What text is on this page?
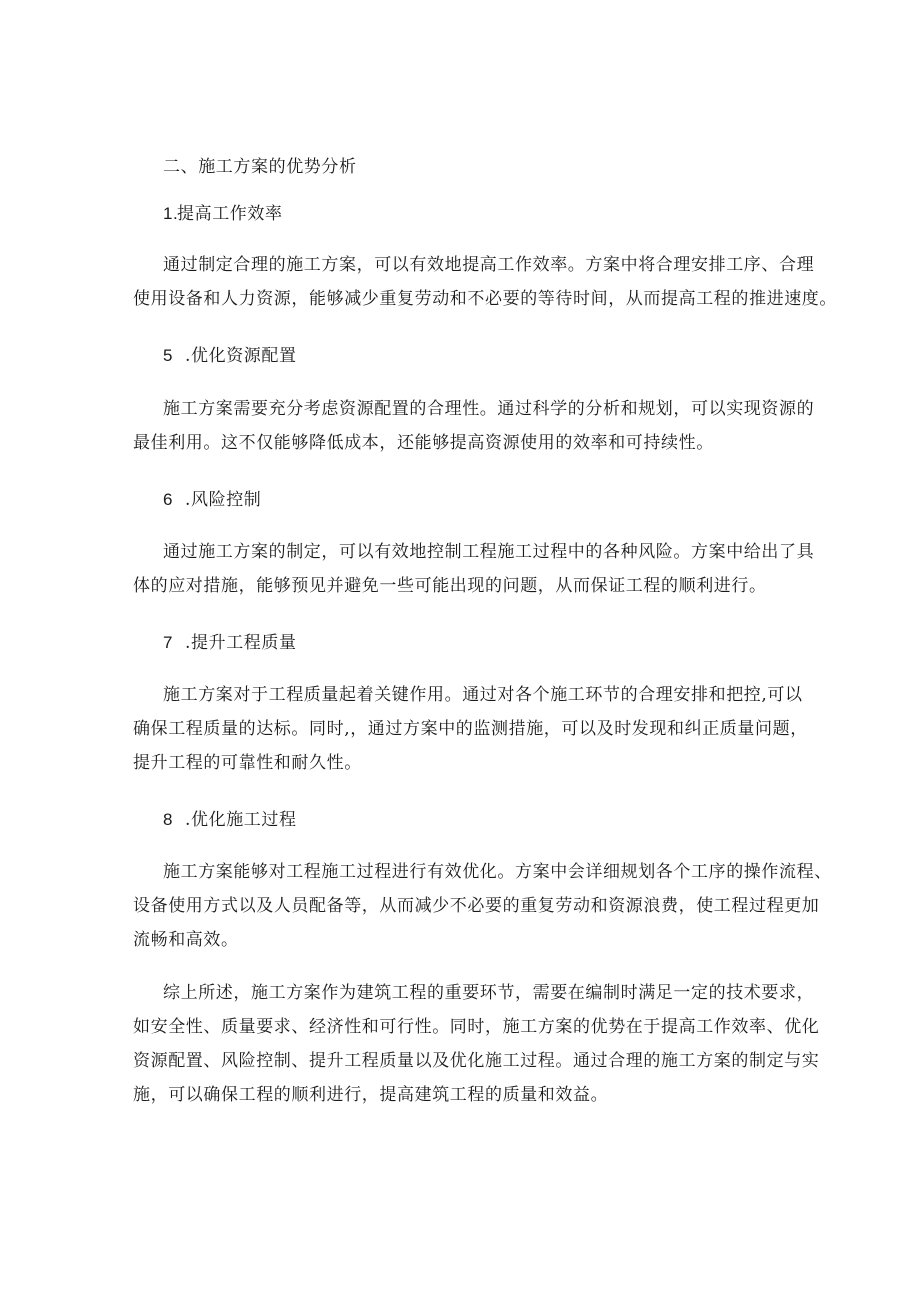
二、施工方案的优势分析
1.提高工作效率
通过制定合理的施工方案，可以有效地提高工作效率。方案中将合理安排工序、合理
使用设备和人力资源，能够减少重复劳动和不必要的等待时间，从而提高工程的推进速度。
5 .优化资源配置
施工方案需要充分考虑资源配置的合理性。通过科学的分析和规划，可以实现资源的
最佳利用。这不仅能够降低成本，还能够提高资源使用的效率和可持续性。
6 .风险控制
通过施工方案的制定，可以有效地控制工程施工过程中的各种风险。方案中给出了具
体的应对措施，能够预见并避免一些可能出现的问题，从而保证工程的顺利进行。
7 .提升工程质量
施工方案对于工程质量起着关键作用。通过对各个施工环节的合理安排和把控,可以
确保工程质量的达标。同时,，通过方案中的监测措施，可以及时发现和纠正质量问题，
提升工程的可靠性和耐久性。
8 .优化施工过程
施工方案能够对工程施工过程进行有效优化。方案中会详细规划各个工序的操作流程、
设备使用方式以及人员配备等，从而减少不必要的重复劳动和资源浪费，使工程过程更加
流畅和高效。
综上所述，施工方案作为建筑工程的重要环节，需要在编制时满足一定的技术要求，
如安全性、质量要求、经济性和可行性。同时，施工方案的优势在于提高工作效率、优化
资源配置、风险控制、提升工程质量以及优化施工过程。通过合理的施工方案的制定与实
施，可以确保工程的顺利进行，提高建筑工程的质量和效益。
